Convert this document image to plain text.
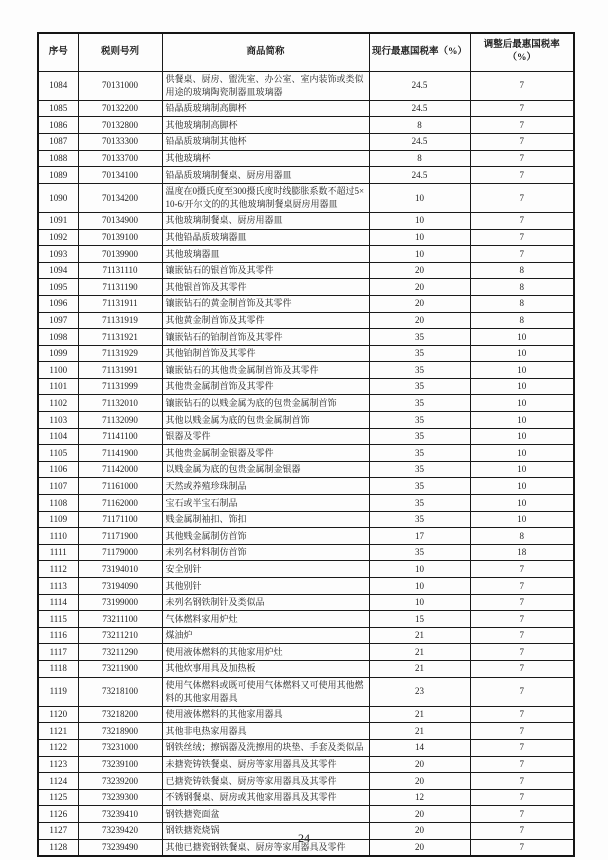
序号	税则号列	商品简称	现行最惠国税率（%）	调整后最惠国税率（%）
1084	70131000	供餐桌、厨房、盥洗室、办公室、室内装饰或类似用途的玻璃陶瓷制器皿玻璃器	24.5	7
1085	70132200	铅晶质玻璃制高脚杯	24.5	7
1086	70132800	其他玻璃制高脚杯	8	7
1087	70133300	铅晶质玻璃制其他杯	24.5	7
1088	70133700	其他玻璃杯	8	7
1089	70134100	铅晶质玻璃制餐桌、厨房用器皿	24.5	7
1090	70134200	温度在0摄氏度至300摄氏度时线膨胀系数不超过5×10-6/开尔文的的其他玻璃制餐桌厨房用器皿	10	7
1091	70134900	其他玻璃制餐桌、厨房用器皿	10	7
1092	70139100	其他铅晶质玻璃器皿	10	7
1093	70139900	其他玻璃器皿	10	7
1094	71131110	镶嵌钻石的银首饰及其零件	20	8
1095	71131190	其他银首饰及其零件	20	8
1096	71131911	镶嵌钻石的黄金制首饰及其零件	20	8
1097	71131919	其他黄金制首饰及其零件	20	8
1098	71131921	镶嵌钻石的铂制首饰及其零件	35	10
1099	71131929	其他铂制首饰及其零件	35	10
1100	71131991	镶嵌钻石的其他贵金属制首饰及其零件	35	10
1101	71131999	其他贵金属制首饰及其零件	35	10
1102	71132010	镶嵌钻石的以贱金属为底的包贵金属制首饰	35	10
1103	71132090	其他以贱金属为底的包贵金属制首饰	35	10
1104	71141100	银器及零件	35	10
1105	71141900	其他贵金属制金银器及零件	35	10
1106	71142000	以贱金属为底的包贵金属制金银器	35	10
1107	71161000	天然或养殖珍珠制品	35	10
1108	71162000	宝石或半宝石制品	35	10
1109	71171100	贱金属制袖扣、饰扣	35	10
1110	71171900	其他贱金属制仿首饰	17	8
1111	71179000	未列名材料制仿首饰	35	18
1112	73194010	安全别针	10	7
1113	73194090	其他别针	10	7
1114	73199000	未列名钢铁制针及类似品	10	7
1115	73211100	气体燃料家用炉灶	15	7
1116	73211210	煤油炉	21	7
1117	73211290	使用液体燃料的其他家用炉灶	21	7
1118	73211900	其他炊事用具及加热板	21	7
1119	73218100	使用气体燃料或既可使用气体燃料又可使用其他燃料的其他家用器具	23	7
1120	73218200	使用液体燃料的其他家用器具	21	7
1121	73218900	其他非电热家用器具	21	7
1122	73231000	钢铁丝绒；擦锅器及洗擦用的块垫、手套及类似品	14	7
1123	73239100	未搪瓷铸铁餐桌、厨房等家用器具及其零件	20	7
1124	73239200	已搪瓷铸铁餐桌、厨房等家用器具及其零件	20	7
1125	73239300	不锈钢餐桌、厨房或其他家用器具及其零件	12	7
1126	73239410	钢铁搪瓷面盆	20	7
1127	73239420	钢铁搪瓷烧锅	20	7
1128	73239490	其他已搪瓷钢铁餐桌、厨房等家用器具及零件	20	7
24
